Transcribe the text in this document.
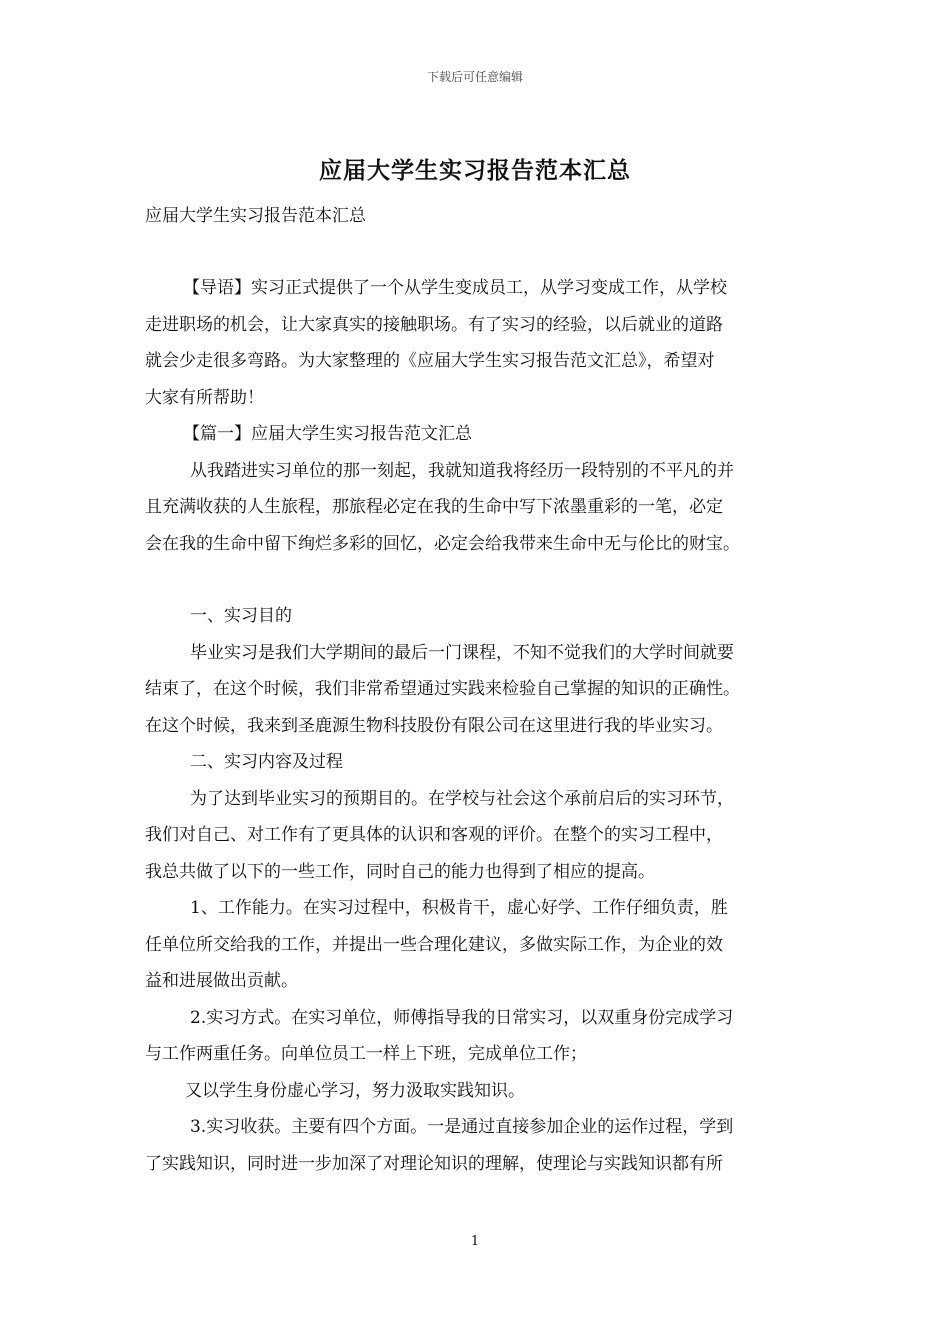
下载后可任意编辑
应届大学生实习报告范本汇总
应届大学生实习报告范本汇总

【导语】实习正式提供了一个从学生变成员工，从学习变成工作，从学校

走进职场的机会，让大家真实的接触职场。有了实习的经验，以后就业的道路

就会少走很多弯路。为大家整理的《应届大学生实习报告范文汇总》，希望对

大家有所帮助！

【篇一】应届大学生实习报告范文汇总

从我踏进实习单位的那一刻起，我就知道我将经历一段特别的不平凡的并

且充满收获的人生旅程，那旅程必定在我的生命中写下浓墨重彩的一笔，必定

会在我的生命中留下绚烂多彩的回忆，必定会给我带来生命中无与伦比的财宝。

一、实习目的

毕业实习是我们大学期间的最后一门课程，不知不觉我们的大学时间就要

结束了，在这个时候，我们非常希望通过实践来检验自己掌握的知识的正确性。

在这个时候，我来到圣鹿源生物科技股份有限公司在这里进行我的毕业实习。

二、实习内容及过程

为了达到毕业实习的预期目的。在学校与社会这个承前启后的实习环节，

我们对自己、对工作有了更具体的认识和客观的评价。在整个的实习工程中，

我总共做了以下的一些工作，同时自己的能力也得到了相应的提高。

1、工作能力。在实习过程中，积极肯干，虚心好学、工作仔细负责，胜

任单位所交给我的工作，并提出一些合理化建议，多做实际工作，为企业的效

益和进展做出贡献。

2.实习方式。在实习单位，师傅指导我的日常实习，以双重身份完成学习

与工作两重任务。向单位员工一样上下班，完成单位工作；

又以学生身份虚心学习，努力汲取实践知识。

3.实习收获。主要有四个方面。一是通过直接参加企业的运作过程，学到

了实践知识，同时进一步加深了对理论知识的理解，使理论与实践知识都有所

1
